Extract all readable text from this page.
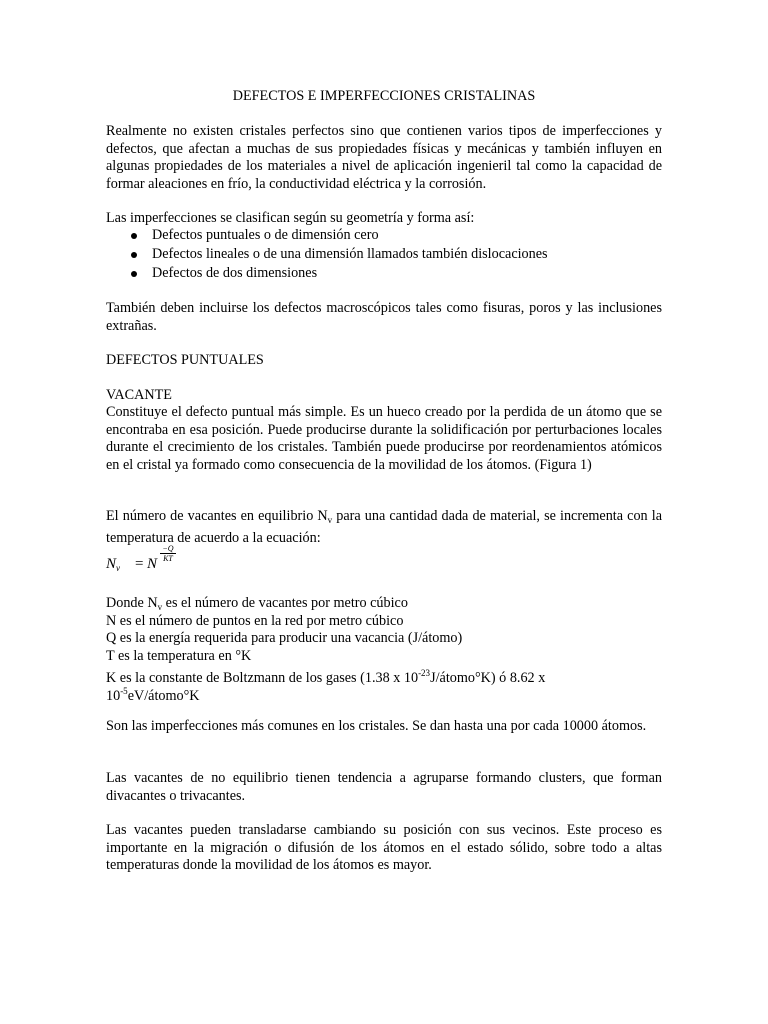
DEFECTOS E IMPERFECCIONES CRISTALINAS

Realmente no existen cristales perfectos sino que contienen varios tipos de imperfecciones y defectos, que afectan a muchas de sus propiedades físicas y mecánicas y también influyen en algunas propiedades de los materiales a nivel de aplicación ingenieril tal como la capacidad de formar aleaciones en frío, la conductividad eléctrica y la corrosión.

Las imperfecciones se clasifican según su geometría y forma así:

Defectos puntuales o de dimensión cero
Defectos lineales o de una dimensión llamados también dislocaciones
Defectos de dos dimensiones

También deben incluirse los defectos macroscópicos tales como fisuras, poros y las inclusiones extrañas.

DEFECTOS PUNTUALES

VACANTE

Constituye el defecto puntual más simple. Es un hueco creado por la perdida de un átomo que se encontraba en esa posición. Puede producirse durante la solidificación por perturbaciones locales durante el crecimiento de los cristales. También puede producirse por reordenamientos atómicos en el cristal ya formado como consecuencia de la movilidad de los átomos. (Figura 1)

El número de vacantes en equilibrio $N_v$ para una cantidad dada de material, se incrementa con la temperatura de acuerdo a la ecuación:

$N_v = N$
$\frac{-Q}{KT}$
Donde $N_v$ es el número de vacantes por metro cúbico
N es el número de puntos en la red por metro cúbico
Q es la energía requerida para producir una vacancia (J/átomo)
T es la temperatura en °K
K es la constante de Boltzmann de los gases (1.38 x $10^{-23}J/átomo^\circ K$) ó 8.62 x
$10^{-5}eV/átomo^\circ K$

Son las imperfecciones más comunes en los cristales. Se dan hasta una por cada 10000 átomos.

Las vacantes de no equilibrio tienen tendencia a agruparse formando clusters, que forman divacantes o trivacantes.

Las vacantes pueden transladarse cambiando su posición con sus vecinos. Este proceso es importante en la migración o difusión de los átomos en el estado sólido, sobre todo a altas temperaturas donde la movilidad de los átomos es mayor.
